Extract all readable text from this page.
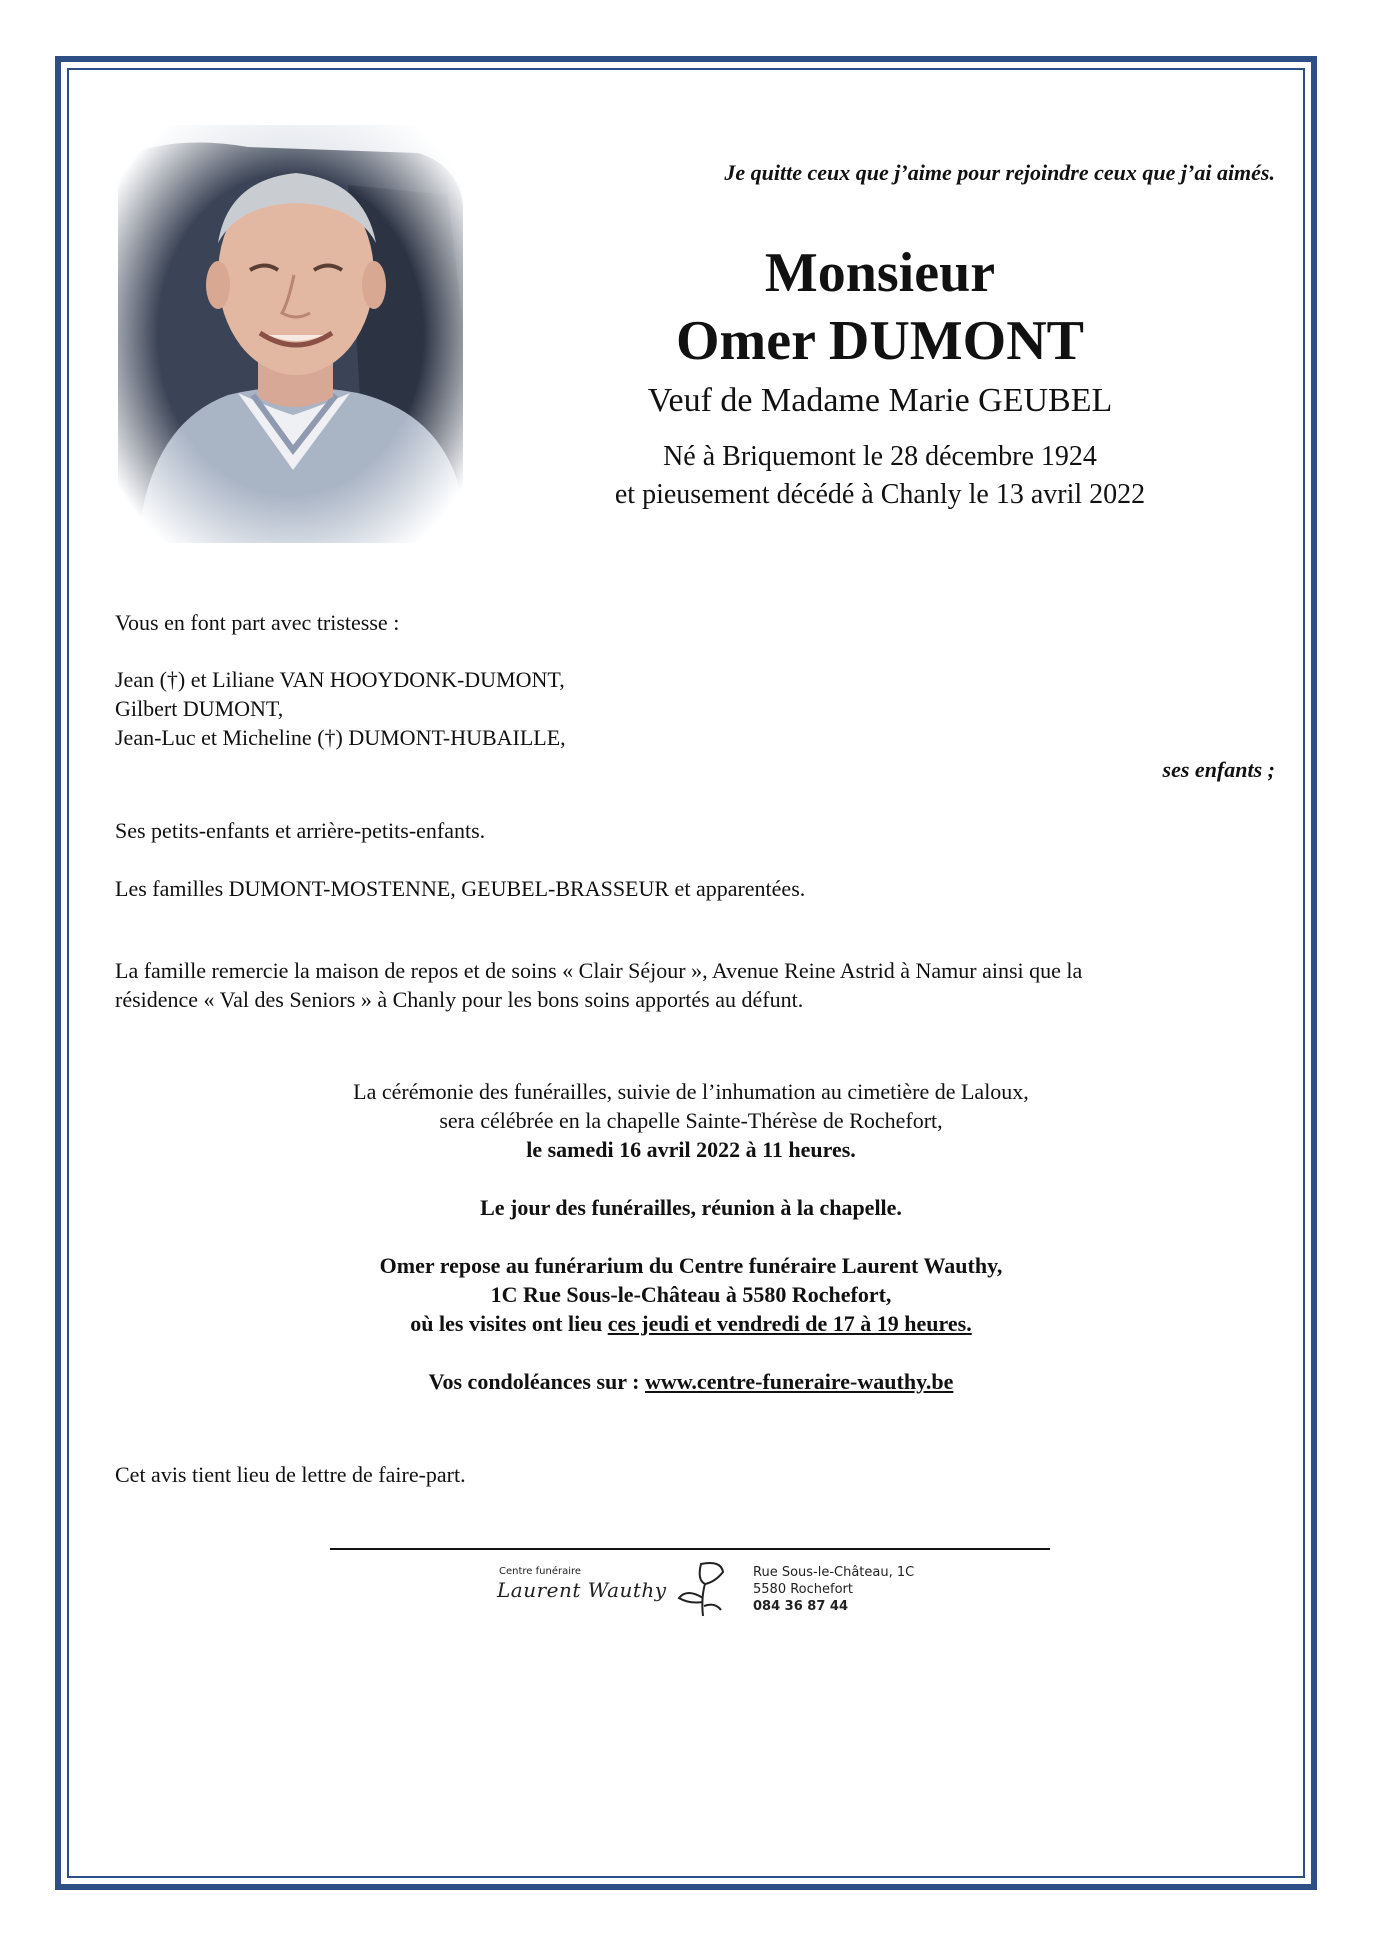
Je quitte ceux que j’aime pour rejoindre ceux que j’ai aimés.
Monsieur
Omer DUMONT
Veuf de Madame Marie GEUBEL
Né à Briquemont le 28 décembre 1924
et pieusement décédé à Chanly le 13 avril 2022
Vous en font part avec tristesse :
Jean (†) et Liliane VAN HOOYDONK-DUMONT,
Gilbert DUMONT,
Jean-Luc et Micheline (†) DUMONT-HUBAILLE,
ses enfants ;
Ses petits-enfants et arrière-petits-enfants.
Les familles DUMONT-MOSTENNE, GEUBEL-BRASSEUR et apparentées.
La famille remercie la maison de repos et de soins « Clair Séjour », Avenue Reine Astrid à Namur ainsi que la
résidence « Val des Seniors » à Chanly pour les bons soins apportés au défunt.
La cérémonie des funérailles, suivie de l’inhumation au cimetière de Laloux,
sera célébrée en la chapelle Sainte-Thérèse de Rochefort,
le samedi 16 avril 2022 à 11 heures.
Le jour des funérailles, réunion à la chapelle.
Omer repose au funérarium du Centre funéraire Laurent Wauthy,
1C Rue Sous-le-Château à 5580 Rochefort,
où les visites ont lieu ces jeudi et vendredi de 17 à 19 heures.
Vos condoléances sur : www.centre-funeraire-wauthy.be
Cet avis tient lieu de lettre de faire-part.
Centre funéraire
Laurent Wauthy
Rue Sous-le-Château, 1C
5580 Rochefort
084 36 87 44
